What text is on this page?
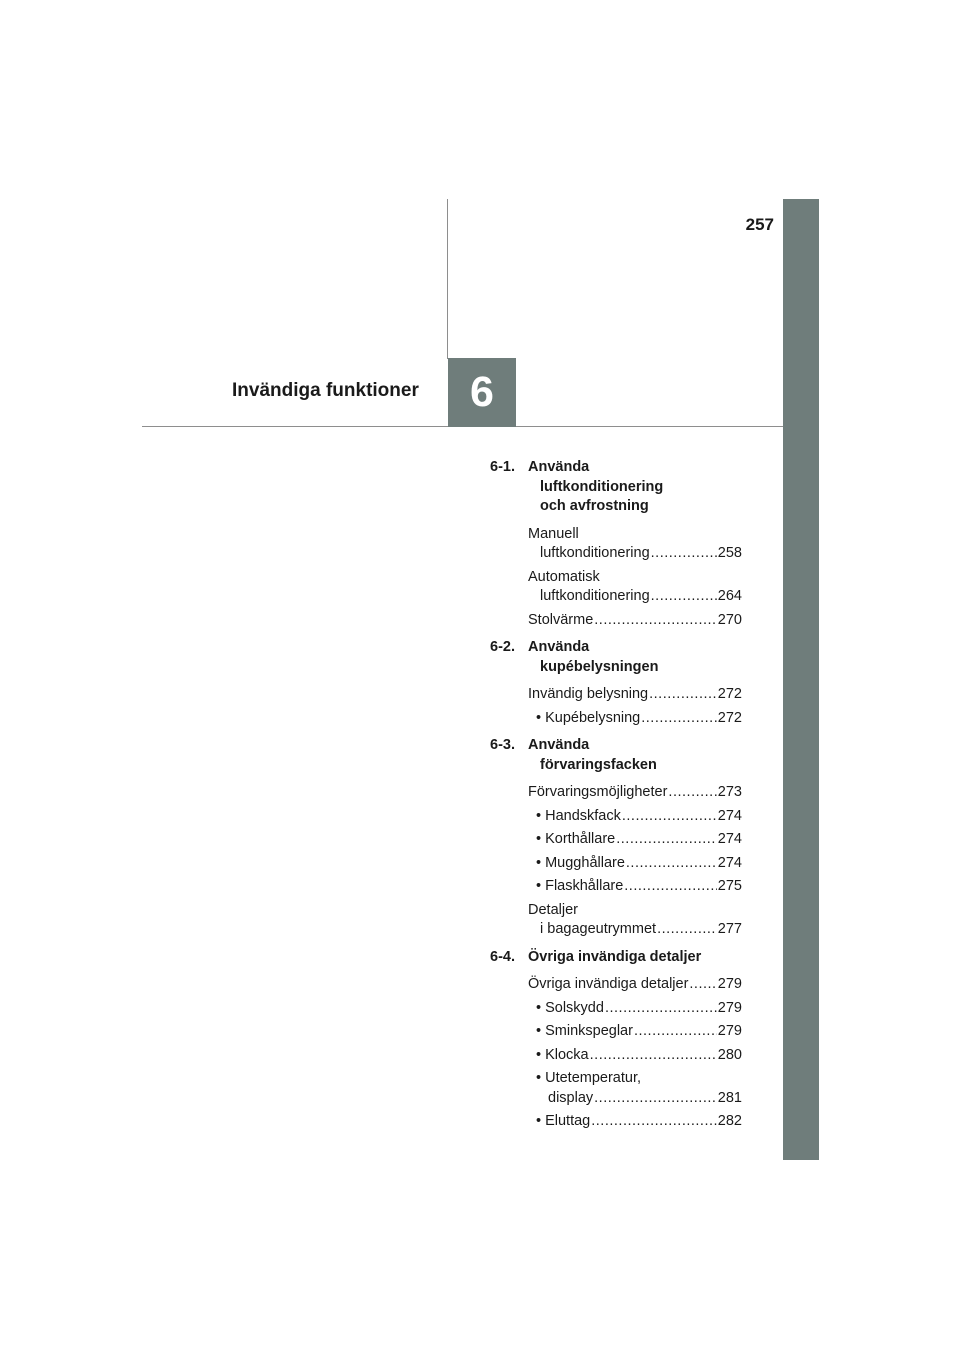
257
6
Invändiga funktioner
6-1. Använda
luftkonditionering
och avfrostning
Manuell
luftkonditionering .....	258
Automatisk
luftkonditionering .....	264
Stolvärme .....	270
6-2. Använda
kupébelysningen
Invändig belysning .....	272
• Kupébelysning .....	272
6-3. Använda
förvaringsfacken
Förvaringsmöjligheter .....	273
• Handskfack .....	274
• Korthållare .....	274
• Mugghållare .....	274
• Flaskhållare .....	275
Detaljer
i bagageutrymmet .....	277
6-4. Övriga invändiga detaljer
Övriga invändiga detaljer ..... 279
• Solskydd .....	279
• Sminkspeglar .....	279
• Klocka .....	280
• Utetemperatur,
display .....	281
• Eluttag .....	282
